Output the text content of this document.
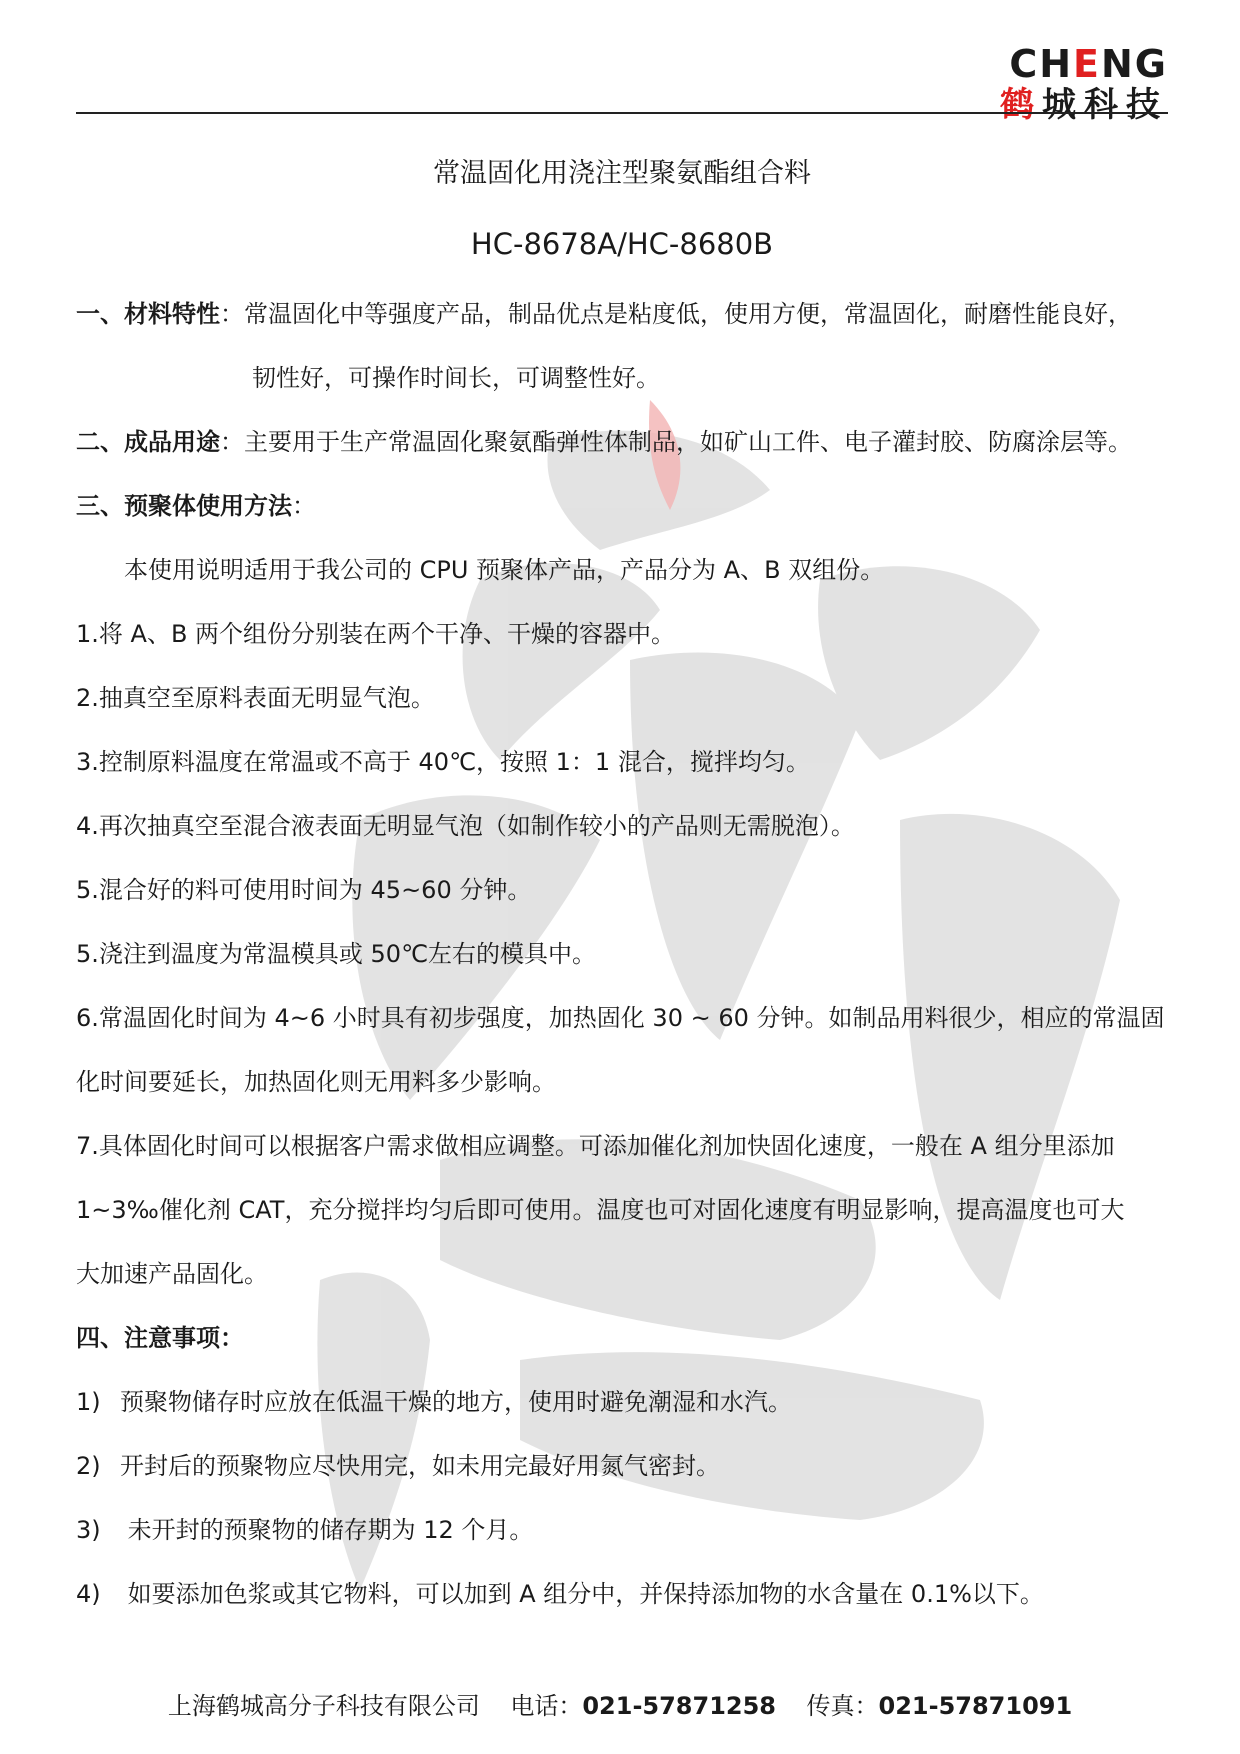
CHENG
鹤城科技
常温固化用浇注型聚氨酯组合料
HC-8678A/HC-8680B

一、材料特性：常温固化中等强度产品，制品优点是粘度低，使用方便，常温固化，耐磨性能良好，

韧性好，可操作时间长，可调整性好。

二、成品用途：主要用于生产常温固化聚氨酯弹性体制品，如矿山工件、电子灌封胶、防腐涂层等。

三、预聚体使用方法：

本使用说明适用于我公司的 CPU 预聚体产品，产品分为 A、B 双组份。

1.将 A、B 两个组份分别装在两个干净、干燥的容器中。

2.抽真空至原料表面无明显气泡。

3.控制原料温度在常温或不高于 40℃，按照 1：1 混合，搅拌均匀。

4.再次抽真空至混合液表面无明显气泡（如制作较小的产品则无需脱泡）。

5.混合好的料可使用时间为 45~60 分钟。

5.浇注到温度为常温模具或 50℃左右的模具中。

6.常温固化时间为 4~6 小时具有初步强度，加热固化 30 ~ 60 分钟。如制品用料很少，相应的常温固

化时间要延长，加热固化则无用料多少影响。

7.具体固化时间可以根据客户需求做相应调整。可添加催化剂加快固化速度，一般在 A 组分里添加

1~3‰催化剂 CAT，充分搅拌均匀后即可使用。温度也可对固化速度有明显影响，提高温度也可大

大加速产品固化。

四、注意事项：

1) 预聚物储存时应放在低温干燥的地方，使用时避免潮湿和水汽。

2) 开封后的预聚物应尽快用完，如未用完最好用氮气密封。

3) 未开封的预聚物的储存期为 12 个月。

4) 如要添加色浆或其它物料，可以加到 A 组分中，并保持添加物的水含量在 0.1%以下。

上海鹤城高分子科技有限公司 电话：021-57871258 传真：021-57871091
